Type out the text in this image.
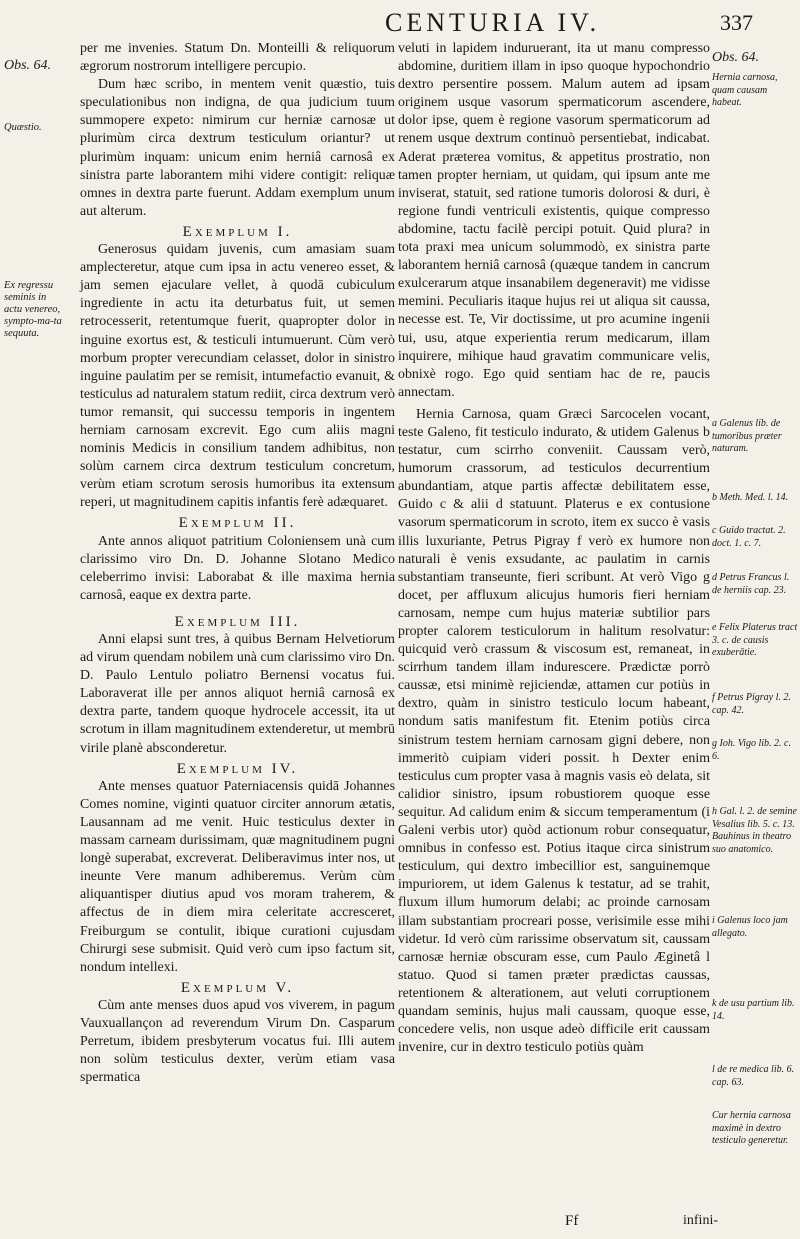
CENTURIA IV.	337
Obs. 64.
Quæstio.
Ex regressu seminis in actu venereo, sympto-ma-ta sequuta.

per me invenies. Statum Dn. Monteilli & reliquorum ægrorum nostrorum intelligere percupio.

Dum hæc scribo, in mentem venit quæstio, tuis speculationibus non indigna, de qua judicium tuum summopere expeto: nimirum cur herniæ carnosæ ut plurimùm circa dextrum testiculum oriantur? ut plurimùm inquam: unicum enim herniâ carnosâ ex sinistra parte laborantem mihi videre contigit: reliquæ omnes in dextra parte fuerunt. Addam exemplum unum aut alterum.

Exemplum I.

Generosus quidam juvenis, cum amasiam suam amplecteretur, atque cum ipsa in actu venereo esset, & jam semen ejaculare vellet, à quodā cubiculum ingrediente in actu ita deturbatus fuit, ut semen retrocesserit, retentumque fuerit, quapropter dolor in inguine exortus est, & testiculi intumuerunt. Cùm verò morbum propter verecundiam celasset, dolor in sinistro inguine paulatim per se remisit, intumefactio evanuit, & testiculus ad naturalem statum rediit, circa dextrum verò tumor remansit, qui successu temporis in ingentem herniam carnosam excrevit. Ego cum aliis magni nominis Medicis in consilium tandem adhibitus, non solùm carnem circa dextrum testiculum concretum, verùm etiam scrotum serosis humoribus ita extensum reperi, ut magnitudinem capitis infantis ferè adæquaret.

Exemplum II.

Ante annos aliquot patritium Coloniensem unà cum clarissimo viro Dn. D. Johanne Slotano Medico celeberrimo invisi: Laborabat & ille maxima hernia carnosâ, eaque ex dextra parte.

Exemplum III.

Anni elapsi sunt tres, à quibus Bernam Helvetiorum ad virum quendam nobilem unà cum clarissimo viro Dn. D. Paulo Lentulo poliatro Bernensi vocatus fui. Laboraverat ille per annos aliquot herniâ carnosâ ex dextra parte, tandem quoque hydrocele accessit, ita ut scrotum in illam magnitudinem extenderetur, ut membrū virile planè absconderetur.

Exemplum IV.

Ante menses quatuor Paterniacensis quidā Johannes Comes nomine, viginti quatuor circiter annorum ætatis, Lausannam ad me venit. Huic testiculus dexter in massam carneam durissimam, quæ magnitudinem pugni longè superabat, excreverat. Deliberavimus inter nos, ut ineunte Vere manum adhiberemus. Verùm cùm aliquantisper diutius apud vos moram traherem, & affectus de in diem mira celeritate accresceret, Freiburgum se contulit, ibique curationi cujusdam Chirurgi sese submisit. Quid verò cum ipso factum sit, nondum intellexi.

Exemplum V.

Cùm ante menses duos apud vos viverem, in pagum Vauxuallançon ad reverendum Virum Dn. Casparum Perretum, ibidem presbyterum vocatus fui. Illi autem non solùm testiculus dexter, verùm etiam vasa spermatica

veluti in lapidem induruerant, ita ut manu compresso abdomine, duritiem illam in ipso quoque hypochondrio dextro persentire possem. Malum autem ad ipsam originem usque vasorum spermaticorum ascendere, dolor ipse, quem è regione vasorum spermaticorum ad renem usque dextrum continuò persentiebat, indicabat. Aderat præterea vomitus, & appetitus prostratio, non tamen propter herniam, ut quidam, qui ipsum ante me inviserat, statuit, sed ratione tumoris dolorosi & duri, è regione fundi ventriculi existentis, quique compresso abdomine, tactu facilè percipi potuit. Quid plura? in tota praxi mea unicum solummodò, ex sinistra parte laborantem herniâ carnosâ (quæque tandem in cancrum exulcerarum atque insanabilem degeneravit) me vidisse memini. Peculiaris itaque hujus rei ut aliqua sit caussa, necesse est. Te, Vir doctissime, ut pro acumine ingenii tui, usu, atque experientia rerum medicarum, illam inquirere, mihique haud gravatim communicare velis, obnixè rogo. Ego quid sentiam hac de re, paucis annectam.

Hernia Carnosa, quam Græci Sarcocelen vocant, teste Galeno, fit testiculo indurato, & utidem Galenus b testatur, cum scirrho conveniit. Caussam verò, humorum crassorum, ad testiculos decurrentium abundantiam, atque partis affectæ debilitatem esse, Guido c & alii d statuunt. Platerus e ex contusione vasorum spermaticorum in scroto, item ex succo è vasis illis luxuriante, Petrus Pigray f verò ex humore non naturali è venis exsudante, ac paulatim in carnis substantiam transeunte, fieri scribunt. At verò Vigo g docet, per affluxum alicujus humoris fieri herniam carnosam, nempe cum hujus materiæ subtilior pars propter calorem testiculorum in halitum resolvatur: quicquid verò crassum & viscosum est, remaneat, in scirrhum tandem illam indurescere. Prædictæ porrò caussæ, etsi minimè rejiciendæ, attamen cur potiùs in dextro, quàm in sinistro testiculo locum habeant, nondum satis manifestum fit. Etenim potiùs circa sinistrum testem herniam carnosam gigni debere, non immeritò cuipiam videri possit. h Dexter enim testiculus cum propter vasa à magnis vasis eò delata, sit calidior sinistro, ipsum robustiorem quoque esse sequitur. Ad calidum enim & siccum temperamentum (i Galeni verbis utor) quòd actionum robur consequatur, omnibus in confesso est. Potius itaque circa sinistrum testiculum, qui dextro imbecillior est, sanguinemque impuriorem, ut idem Galenus k testatur, ad se trahit, fluxum illum humorum delabi; ac proinde carnosam illam substantiam procreari posse, verisimile esse mihi videtur. Id verò cùm rarissime observatum sit, caussam carnosæ herniæ obscuram esse, cum Paulo Æginetâ l statuo. Quod si tamen præter prædictas caussas, retentionem & alterationem, aut veluti corruptionem quandam seminis, hujus mali caussam, quoque esse, concedere velis, non usque adeò difficile erit caussam invenire, cur in dextro testiculo potiùs quàm

Obs. 64.
Hernia carnosa, quam causam habeat.
a Galenus lib. de tumoribus præter naturam.
b Meth. Med. l. 14.
c Guido tractat. 2. doct. 1. c. 7.
d Petrus Francus l. de herniis cap. 23.
e Felix Platerus tract 3. c. de causis exuberātie.
f Petrus Pigray l. 2. cap. 42.
g Ioh. Vigo lib. 2. c. 6.
h Gal. l. 2. de semine Vesalius lib. 5. c. 13. Bauhinus in theatro suo anatomico.
i Galenus loco jam allegato.
k de usu partium lib. 14.
l de re medica lib. 6. cap. 63.
Cur hernia carnosa maximè in dextro testiculo generetur.
Ff	infini-
